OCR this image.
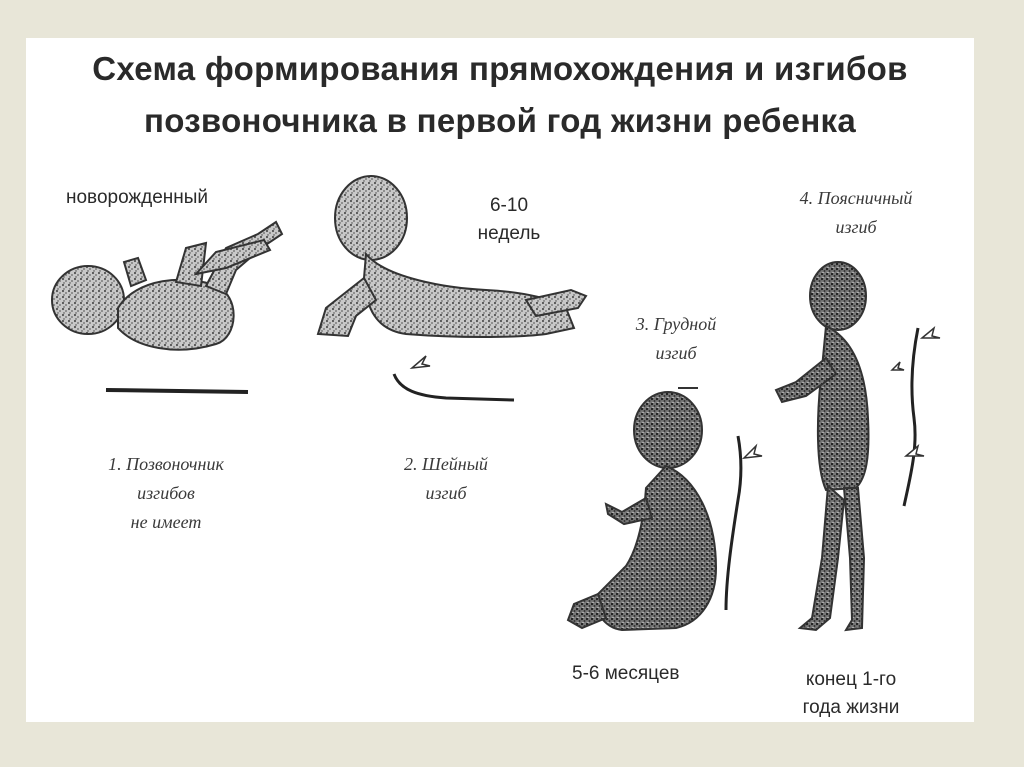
Схема формирования прямохождения и изгибов
позвоночника в первой год жизни ребенка
новорожденный
1. Позвоночник
изгибов
не имеет
6-10
недель
2. Шейный
изгиб
3. Грудной
изгиб
5-6 месяцев
4. Поясничный
изгиб
конец 1-го
года жизни
